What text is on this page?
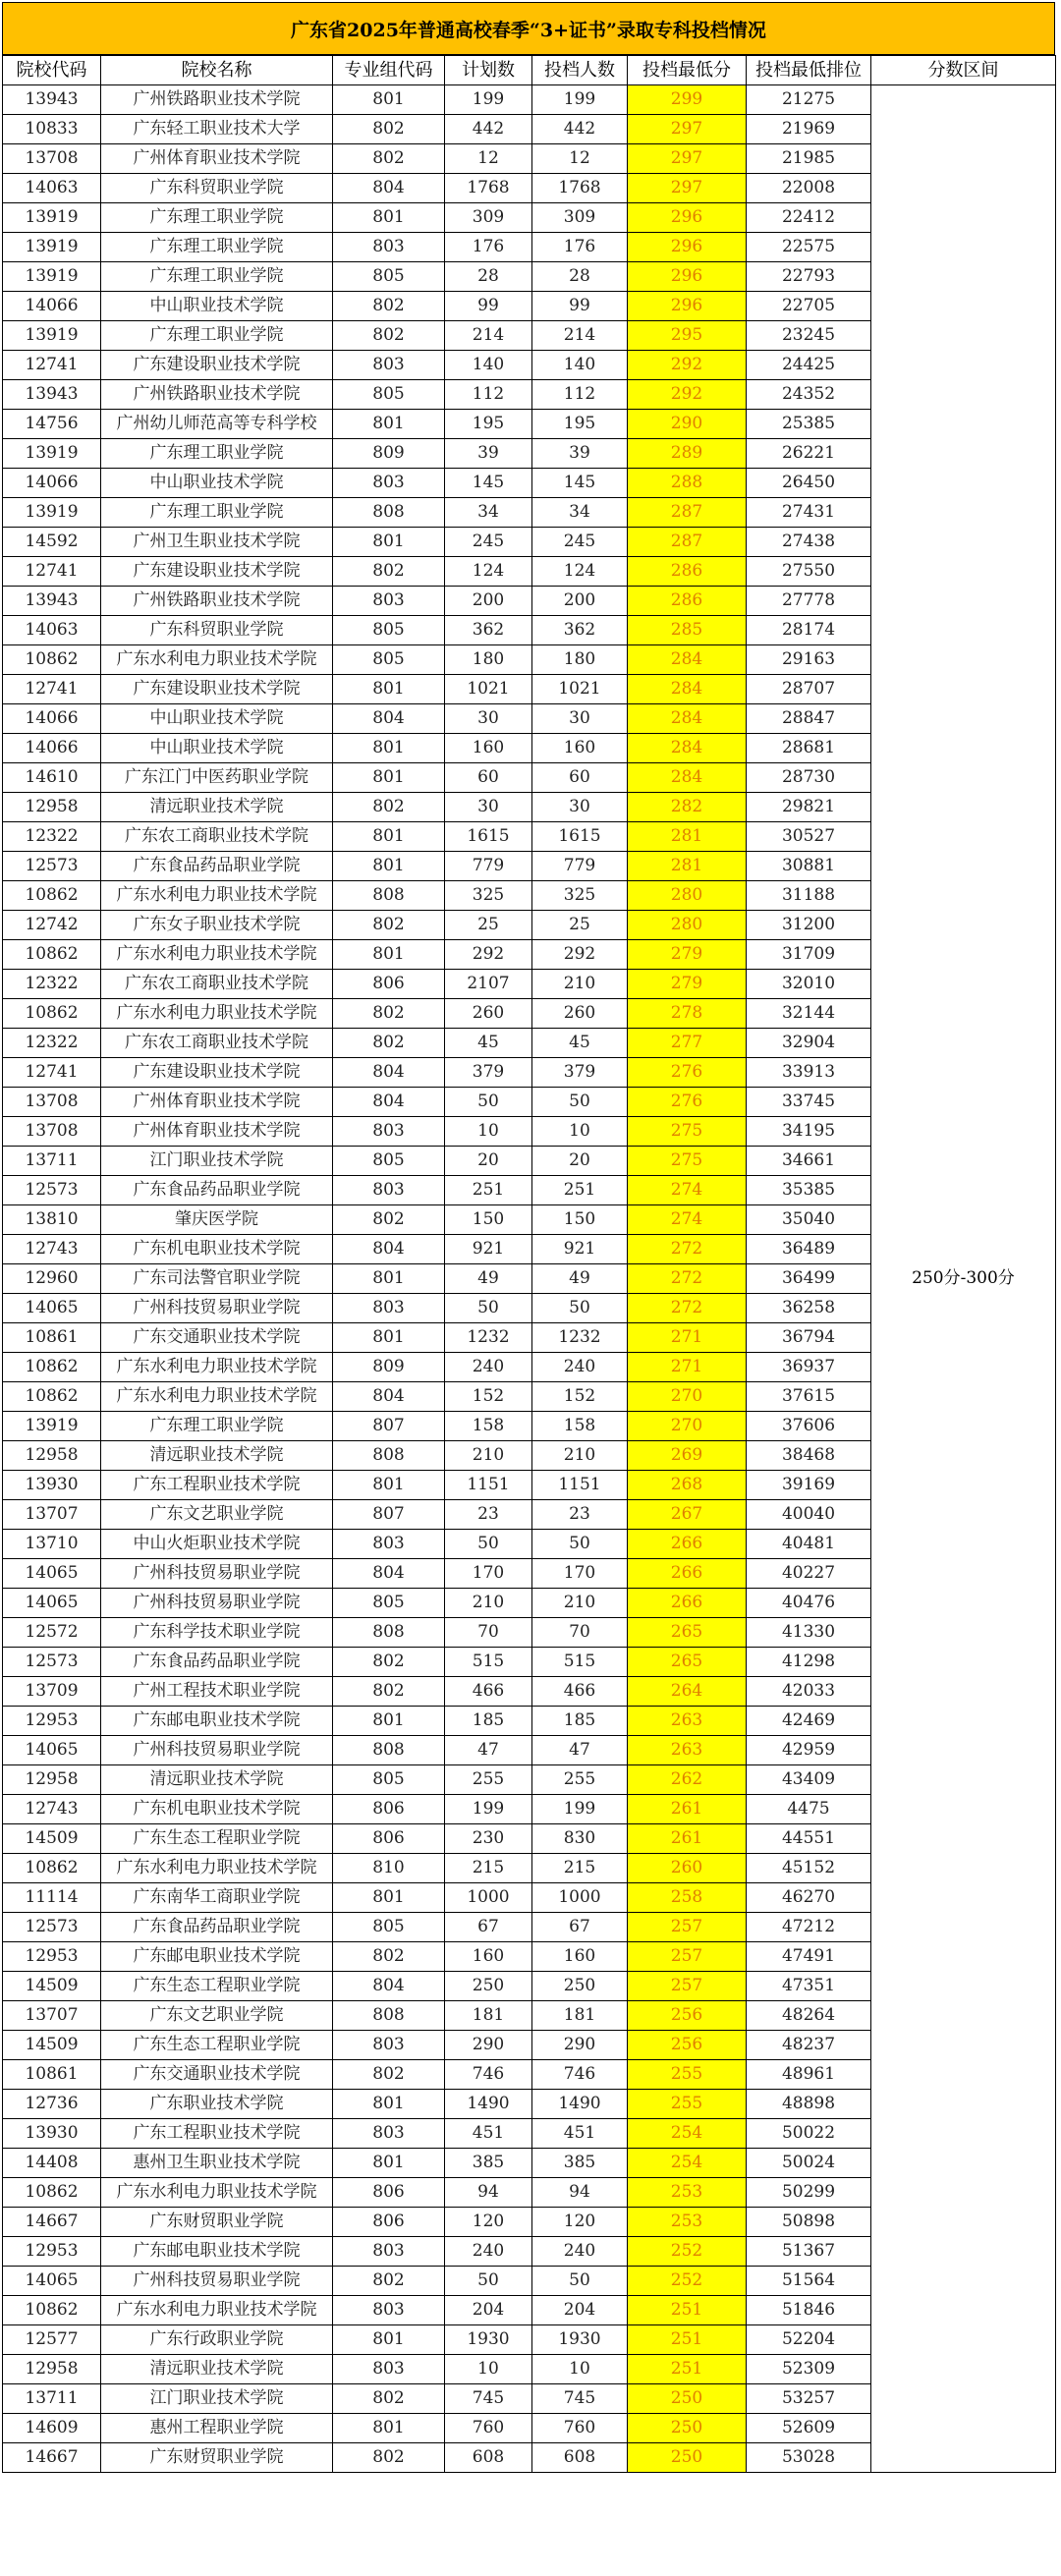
广东省2025年普通高校春季“3+证书”录取专科投档情况
院校代码	院校名称	专业组代码	计划数	投档人数	投档最低分	投档最低排位	分数区间
13943	广州铁路职业技术学院	801	199	199	299	21275	250分-300分
10833	广东轻工职业技术大学	802	442	442	297	21969	
13708	广州体育职业技术学院	802	12	12	297	21985	
14063	广东科贸职业学院	804	1768	1768	297	22008	
13919	广东理工职业学院	801	309	309	296	22412	
13919	广东理工职业学院	803	176	176	296	22575	
13919	广东理工职业学院	805	28	28	296	22793	
14066	中山职业技术学院	802	99	99	296	22705	
13919	广东理工职业学院	802	214	214	295	23245	
12741	广东建设职业技术学院	803	140	140	292	24425	
13943	广州铁路职业技术学院	805	112	112	292	24352	
14756	广州幼儿师范高等专科学校	801	195	195	290	25385	
13919	广东理工职业学院	809	39	39	289	26221	
14066	中山职业技术学院	803	145	145	288	26450	
13919	广东理工职业学院	808	34	34	287	27431	
14592	广州卫生职业技术学院	801	245	245	287	27438	
12741	广东建设职业技术学院	802	124	124	286	27550	
13943	广州铁路职业技术学院	803	200	200	286	27778	
14063	广东科贸职业学院	805	362	362	285	28174	
10862	广东水利电力职业技术学院	805	180	180	284	29163	
12741	广东建设职业技术学院	801	1021	1021	284	28707	
14066	中山职业技术学院	804	30	30	284	28847	
14066	中山职业技术学院	801	160	160	284	28681	
14610	广东江门中医药职业学院	801	60	60	284	28730	
12958	清远职业技术学院	802	30	30	282	29821	
12322	广东农工商职业技术学院	801	1615	1615	281	30527	
12573	广东食品药品职业学院	801	779	779	281	30881	
10862	广东水利电力职业技术学院	808	325	325	280	31188	
12742	广东女子职业技术学院	802	25	25	280	31200	
10862	广东水利电力职业技术学院	801	292	292	279	31709	
12322	广东农工商职业技术学院	806	2107	210	279	32010	
10862	广东水利电力职业技术学院	802	260	260	278	32144	
12322	广东农工商职业技术学院	802	45	45	277	32904	
12741	广东建设职业技术学院	804	379	379	276	33913	
13708	广州体育职业技术学院	804	50	50	276	33745	
13708	广州体育职业技术学院	803	10	10	275	34195	
13711	江门职业技术学院	805	20	20	275	34661	
12573	广东食品药品职业学院	803	251	251	274	35385	
13810	肇庆医学院	802	150	150	274	35040	
12743	广东机电职业技术学院	804	921	921	272	36489	
12960	广东司法警官职业学院	801	49	49	272	36499	
14065	广州科技贸易职业学院	803	50	50	272	36258	
10861	广东交通职业技术学院	801	1232	1232	271	36794	
10862	广东水利电力职业技术学院	809	240	240	271	36937	
10862	广东水利电力职业技术学院	804	152	152	270	37615	
13919	广东理工职业学院	807	158	158	270	37606	
12958	清远职业技术学院	808	210	210	269	38468	
13930	广东工程职业技术学院	801	1151	1151	268	39169	
13707	广东文艺职业学院	807	23	23	267	40040	
13710	中山火炬职业技术学院	803	50	50	266	40481	
14065	广州科技贸易职业学院	804	170	170	266	40227	
14065	广州科技贸易职业学院	805	210	210	266	40476	
12572	广东科学技术职业学院	808	70	70	265	41330	
12573	广东食品药品职业学院	802	515	515	265	41298	
13709	广州工程技术职业学院	802	466	466	264	42033	
12953	广东邮电职业技术学院	801	185	185	263	42469	
14065	广州科技贸易职业学院	808	47	47	263	42959	
12958	清远职业技术学院	805	255	255	262	43409	
12743	广东机电职业技术学院	806	199	199	261	4475	
14509	广东生态工程职业学院	806	230	830	261	44551	
10862	广东水利电力职业技术学院	810	215	215	260	45152	
11114	广东南华工商职业学院	801	1000	1000	258	46270	
12573	广东食品药品职业学院	805	67	67	257	47212	
12953	广东邮电职业技术学院	802	160	160	257	47491	
14509	广东生态工程职业学院	804	250	250	257	47351	
13707	广东文艺职业学院	808	181	181	256	48264	
14509	广东生态工程职业学院	803	290	290	256	48237	
10861	广东交通职业技术学院	802	746	746	255	48961	
12736	广东职业技术学院	801	1490	1490	255	48898	
13930	广东工程职业技术学院	803	451	451	254	50022	
14408	惠州卫生职业技术学院	801	385	385	254	50024	
10862	广东水利电力职业技术学院	806	94	94	253	50299	
14667	广东财贸职业学院	806	120	120	253	50898	
12953	广东邮电职业技术学院	803	240	240	252	51367	
14065	广州科技贸易职业学院	802	50	50	252	51564	
10862	广东水利电力职业技术学院	803	204	204	251	51846	
12577	广东行政职业学院	801	1930	1930	251	52204	
12958	清远职业技术学院	803	10	10	251	52309	
13711	江门职业技术学院	802	745	745	250	53257	
14609	惠州工程职业学院	801	760	760	250	52609	
14667	广东财贸职业学院	802	608	608	250	53028	
